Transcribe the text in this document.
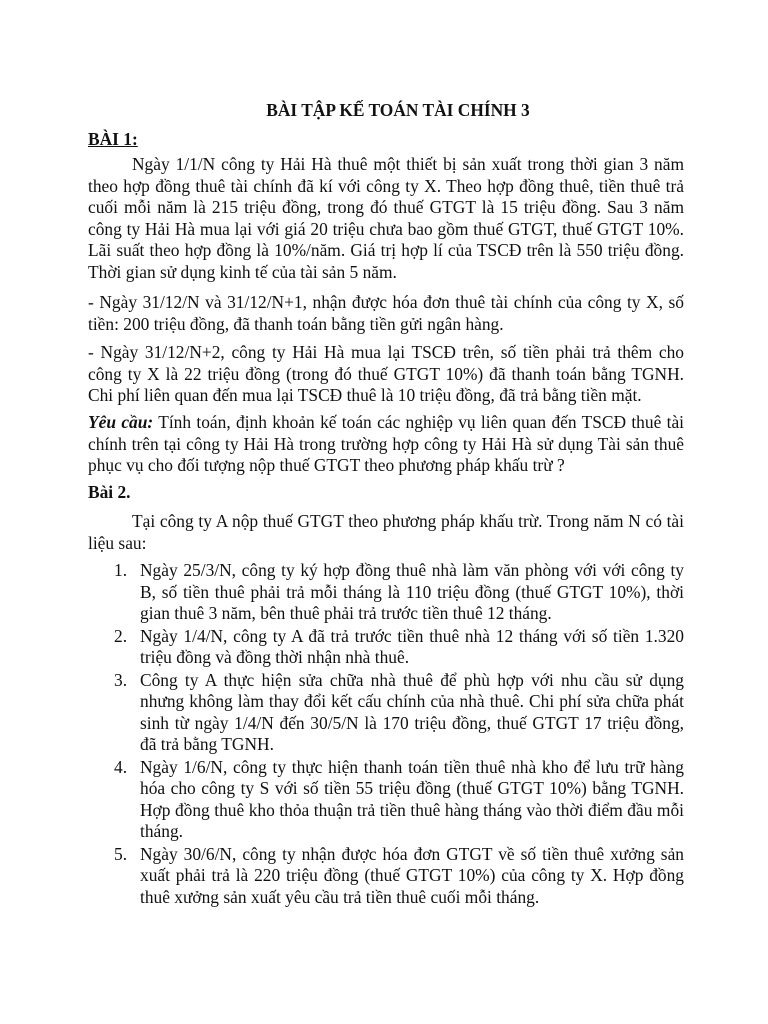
BÀI TẬP KẾ TOÁN TÀI CHÍNH 3
BÀI 1:

Ngày 1/1/N công ty Hải Hà thuê một thiết bị sản xuất trong thời gian 3 năm theo hợp đồng thuê tài chính đã kí với công ty X. Theo hợp đồng thuê, tiền thuê trả cuối mỗi năm là 215 triệu đồng, trong đó thuế GTGT là 15 triệu đồng. Sau 3 năm công ty Hải Hà mua lại với giá 20 triệu chưa bao gồm thuế GTGT, thuế GTGT 10%. Lãi suất theo hợp đồng là 10%/năm. Giá trị hợp lí của TSCĐ trên là 550 triệu đồng. Thời gian sử dụng kinh tế của tài sản 5 năm.

- Ngày 31/12/N và 31/12/N+1, nhận được hóa đơn thuê tài chính của công ty X, số tiền: 200 triệu đồng, đã thanh toán bằng tiền gửi ngân hàng.

- Ngày 31/12/N+2, công ty Hải Hà mua lại TSCĐ trên, số tiền phải trả thêm cho công ty X là 22 triệu đồng (trong đó thuế GTGT 10%) đã thanh toán bằng TGNH. Chi phí liên quan đến mua lại TSCĐ thuê là 10 triệu đồng, đã trả bằng tiền mặt.

Yêu cầu: Tính toán, định khoản kế toán các nghiệp vụ liên quan đến TSCĐ thuê tài chính trên tại công ty Hải Hà trong trường hợp công ty Hải Hà sử dụng Tài sản thuê phục vụ cho đối tượng nộp thuế GTGT theo phương pháp khấu trừ ?

Bài 2.

Tại công ty A nộp thuế GTGT theo phương pháp khấu trừ. Trong năm N có tài liệu sau:

1. Ngày 25/3/N, công ty ký hợp đồng thuê nhà làm văn phòng với với công ty B, số tiền thuê phải trả mỗi tháng là 110 triệu đồng (thuế GTGT 10%), thời gian thuê 3 năm, bên thuê phải trả trước tiền thuê 12 tháng.
2. Ngày 1/4/N, công ty A đã trả trước tiền thuê nhà 12 tháng với số tiền 1.320 triệu đồng và đồng thời nhận nhà thuê.
3. Công ty A thực hiện sửa chữa nhà thuê để phù hợp với nhu cầu sử dụng nhưng không làm thay đổi kết cấu chính của nhà thuê. Chi phí sửa chữa phát sinh từ ngày 1/4/N đến 30/5/N là 170 triệu đồng, thuế GTGT 17 triệu đồng, đã trả bằng TGNH.
4. Ngày 1/6/N, công ty thực hiện thanh toán tiền thuê nhà kho để lưu trữ hàng hóa cho công ty S với số tiền 55 triệu đồng (thuế GTGT 10%) bằng TGNH. Hợp đồng thuê kho thỏa thuận trả tiền thuê hàng tháng vào thời điểm đầu mỗi tháng.
5. Ngày 30/6/N, công ty nhận được hóa đơn GTGT về số tiền thuê xưởng sản xuất phải trả là 220 triệu đồng (thuế GTGT 10%) của công ty X. Hợp đồng thuê xưởng sản xuất yêu cầu trả tiền thuê cuối mỗi tháng.
